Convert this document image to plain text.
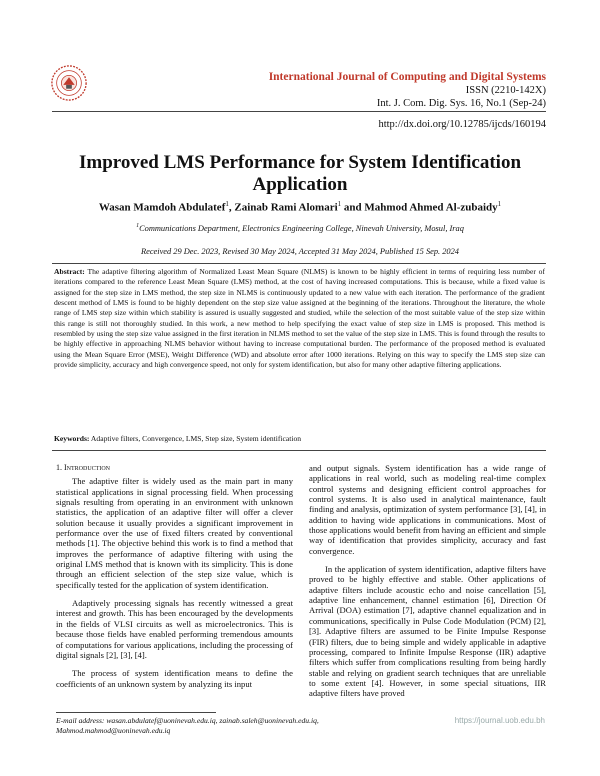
International Journal of Computing and Digital Systems
ISSN (2210-142X)
Int. J. Com. Dig. Sys. 16, No.1 (Sep-24)
http://dx.doi.org/10.12785/ijcds/160194
Improved LMS Performance for System Identification
Application
Wasan Mamdoh Abdulatef$^1$, Zainab Rami Alomari$^1$ and Mahmod Ahmed Al-zubaidy$^1$
$^1$Communications Department, Electronics Engineering College, Ninevah University, Mosul, Iraq
Received 29 Dec. 2023, Revised 30 May 2024, Accepted 31 May 2024, Published 15 Sep. 2024
Abstract: The adaptive filtering algorithm of Normalized Least Mean Square (NLMS) is known to be highly efficient in terms of requiring less number of iterations compared to the reference Least Mean Square (LMS) method, at the cost of having increased computations. This is because, while a fixed value is assigned for the step size in LMS method, the step size in NLMS is continuously updated to a new value with each iteration. The performance of the gradient descent method of LMS is found to be highly dependent on the step size value assigned at the beginning of the iterations. Throughout the literature, the whole range of LMS step size within which stability is assured is usually suggested and studied, while the selection of the most suitable value of the step size within this range is still not thoroughly studied. In this work, a new method to help specifying the exact value of step size in LMS is proposed. This method is resembled by using the step size value assigned in the first iteration in NLMS method to set the value of the step size in LMS. This is found through the results to be highly effective in approaching NLMS behavior without having to increase computational burden. The performance of the proposed method is evaluated using the Mean Square Error (MSE), Weight Difference (WD) and absolute error after 1000 iterations. Relying on this way to specify the LMS step size can provide simplicity, accuracy and high convergence speed, not only for system identification, but also for many other adaptive filtering applications.
Keywords: Adaptive filters, Convergence, LMS, Step size, System identification
1. Introduction

The adaptive filter is widely used as the main part in many statistical applications in signal processing field. When processing signals resulting from operating in an environment with unknown statistics, the application of an adaptive filter will offer a clever solution because it usually provides a significant improvement in performance over the use of fixed filters created by conventional methods [1]. The objective behind this work is to find a method that improves the performance of adaptive filtering with using the original LMS method that is known with its simplicity. This is done through an efficient selection of the step size value, which is specifically tested for the application of system identification.

Adaptively processing signals has recently witnessed a great interest and growth. This has been encouraged by the developments in the fields of VLSI circuits as well as microelectronics. This is because those fields have enabled performing tremendous amounts of computations for various applications, including the processing of digital signals [2], [3], [4].

The process of system identification means to define the coefficients of an unknown system by analyzing its input

and output signals. System identification has a wide range of applications in real world, such as modeling real-time complex control systems and designing efficient control approaches for control systems. It is also used in analytical maintenance, fault finding and analysis, optimization of system performance [3], [4], in addition to having wide applications in communications. Most of those applications would benefit from having an efficient and simple way of identification that provides simplicity, accuracy and fast convergence.

In the application of system identification, adaptive filters have proved to be highly effective and stable. Other applications of adaptive filters include acoustic echo and noise cancellation [5], adaptive line enhancement, channel estimation [6], Direction Of Arrival (DOA) estimation [7], adaptive channel equalization and in communications, specifically in Pulse Code Modulation (PCM) [2], [3]. Adaptive filters are assumed to be Finite Impulse Response (FIR) filters, due to being simple and widely applicable in adaptive processing, compared to Infinite Impulse Response (IIR) adaptive filters which suffer from complications resulting from being hardly stable and relying on gradient search techniques that are unreliable to some extent [4]. However, in some special situations, IIR adaptive filters have proved

E-mail address: wasan.abdulatef@uoninevah.edu.iq, zainab.saleh@uoninevah.edu.iq,
Mahmod.mahmod@uoninevah.edu.iq
https://journal.uob.edu.bh
